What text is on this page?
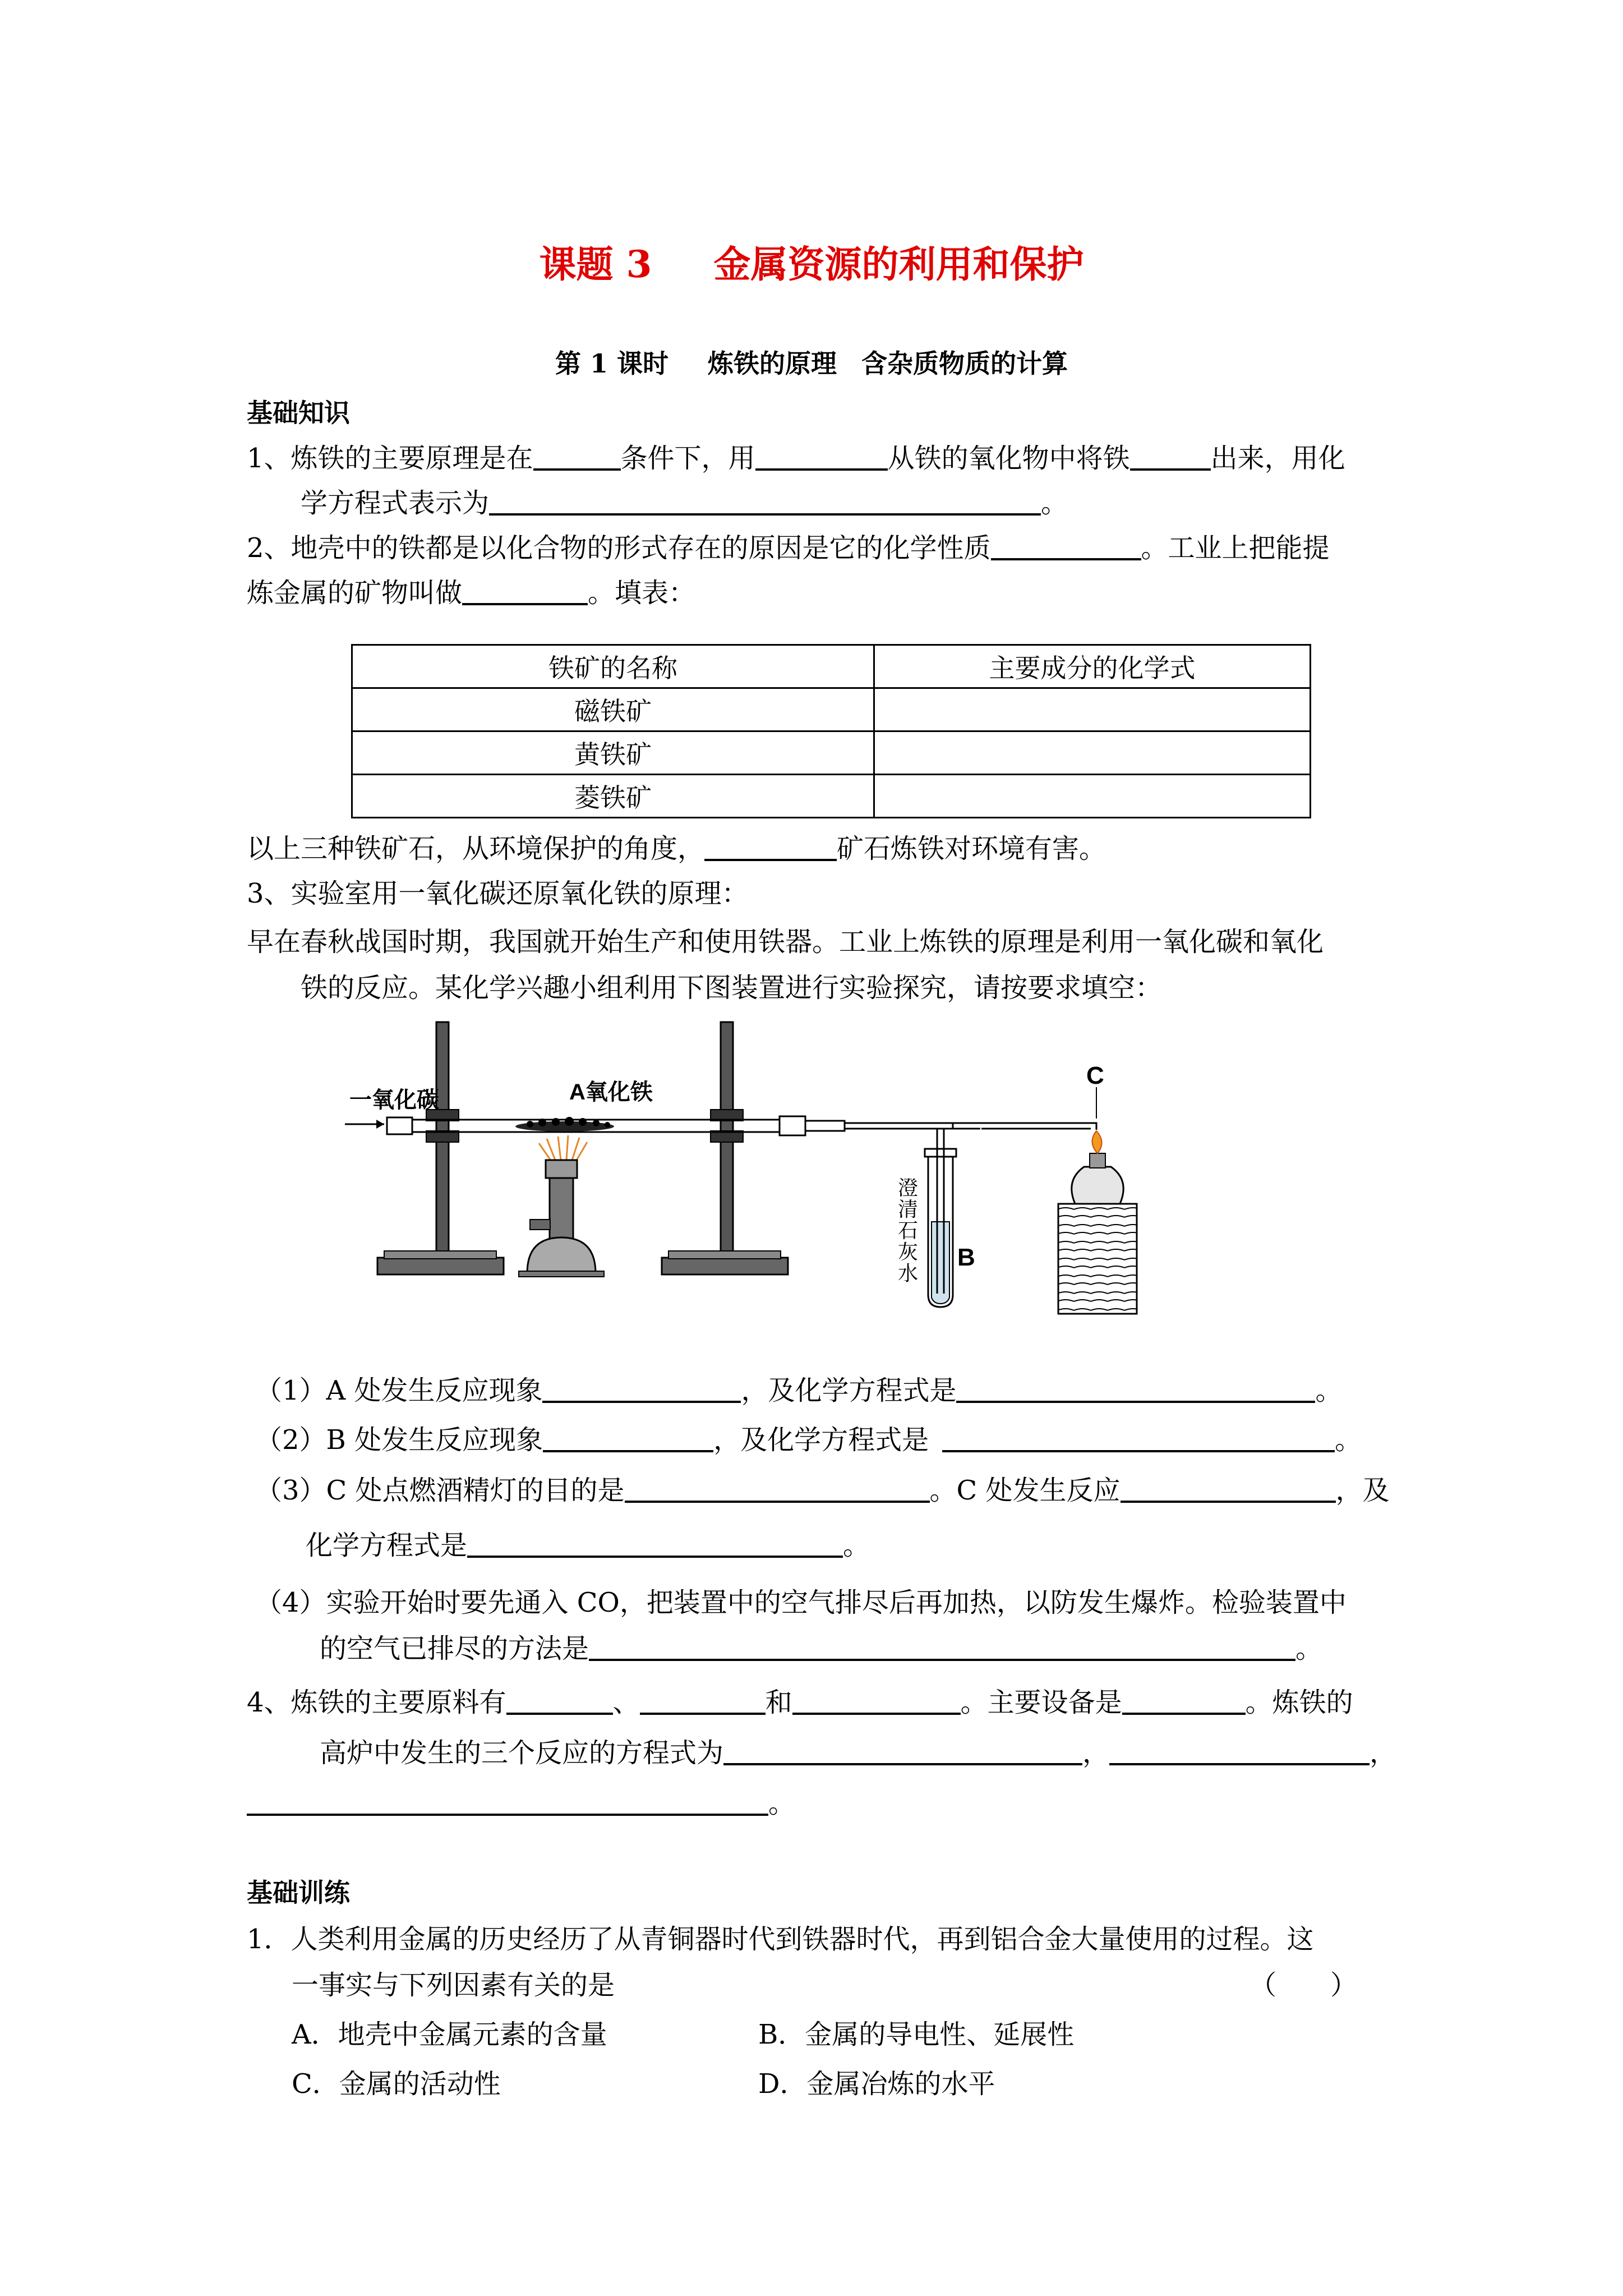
课题 3 金属资源的利用和保护
第 1 课时 炼铁的原理 含杂质物质的计算
基础知识
1、炼铁的主要原理是在	条件下，用	从铁的氧化物中将铁	出来，用化
学方程式表示为	。
2、地壳中的铁都是以化合物的形式存在的原因是它的化学性质	。工业上把能提
炼金属的矿物叫做	。填表：
铁矿的名称	主要成分的化学式
磁铁矿	
黄铁矿	
菱铁矿	
以上三种铁矿石，从环境保护的角度，	矿石炼铁对环境有害。
3、实验室用一氧化碳还原氧化铁的原理：
早在春秋战国时期，我国就开始生产和使用铁器。工业上炼铁的原理是利用一氧化碳和氧化
铁的反应。某化学兴趣小组利用下图装置进行实验探究，请按要求填空：
一氧化碳	A氧化铁
B
澄
清
石
灰
水
C
（1）A 处发生反应现象	，及化学方程式是	。
（2）B 处发生反应现象	，及化学方程式是	。
（3）C 处点燃酒精灯的目的是	。C 处发生反应	，及
化学方程式是	。
（4）实验开始时要先通入 CO，把装置中的空气排尽后再加热，以防发生爆炸。检验装置中
的空气已排尽的方法是	。
4、炼铁的主要原料有	、	和	。主要设备是	。炼铁的
高炉中发生的三个反应的方程式为	，	，
。
基础训练
1．人类利用金属的历史经历了从青铜器时代到铁器时代，再到铝合金大量使用的过程。这
一事实与下列因素有关的是	（　　）
A．地壳中金属元素的含量	B．金属的导电性、延展性
C．金属的活动性	D．金属冶炼的水平
